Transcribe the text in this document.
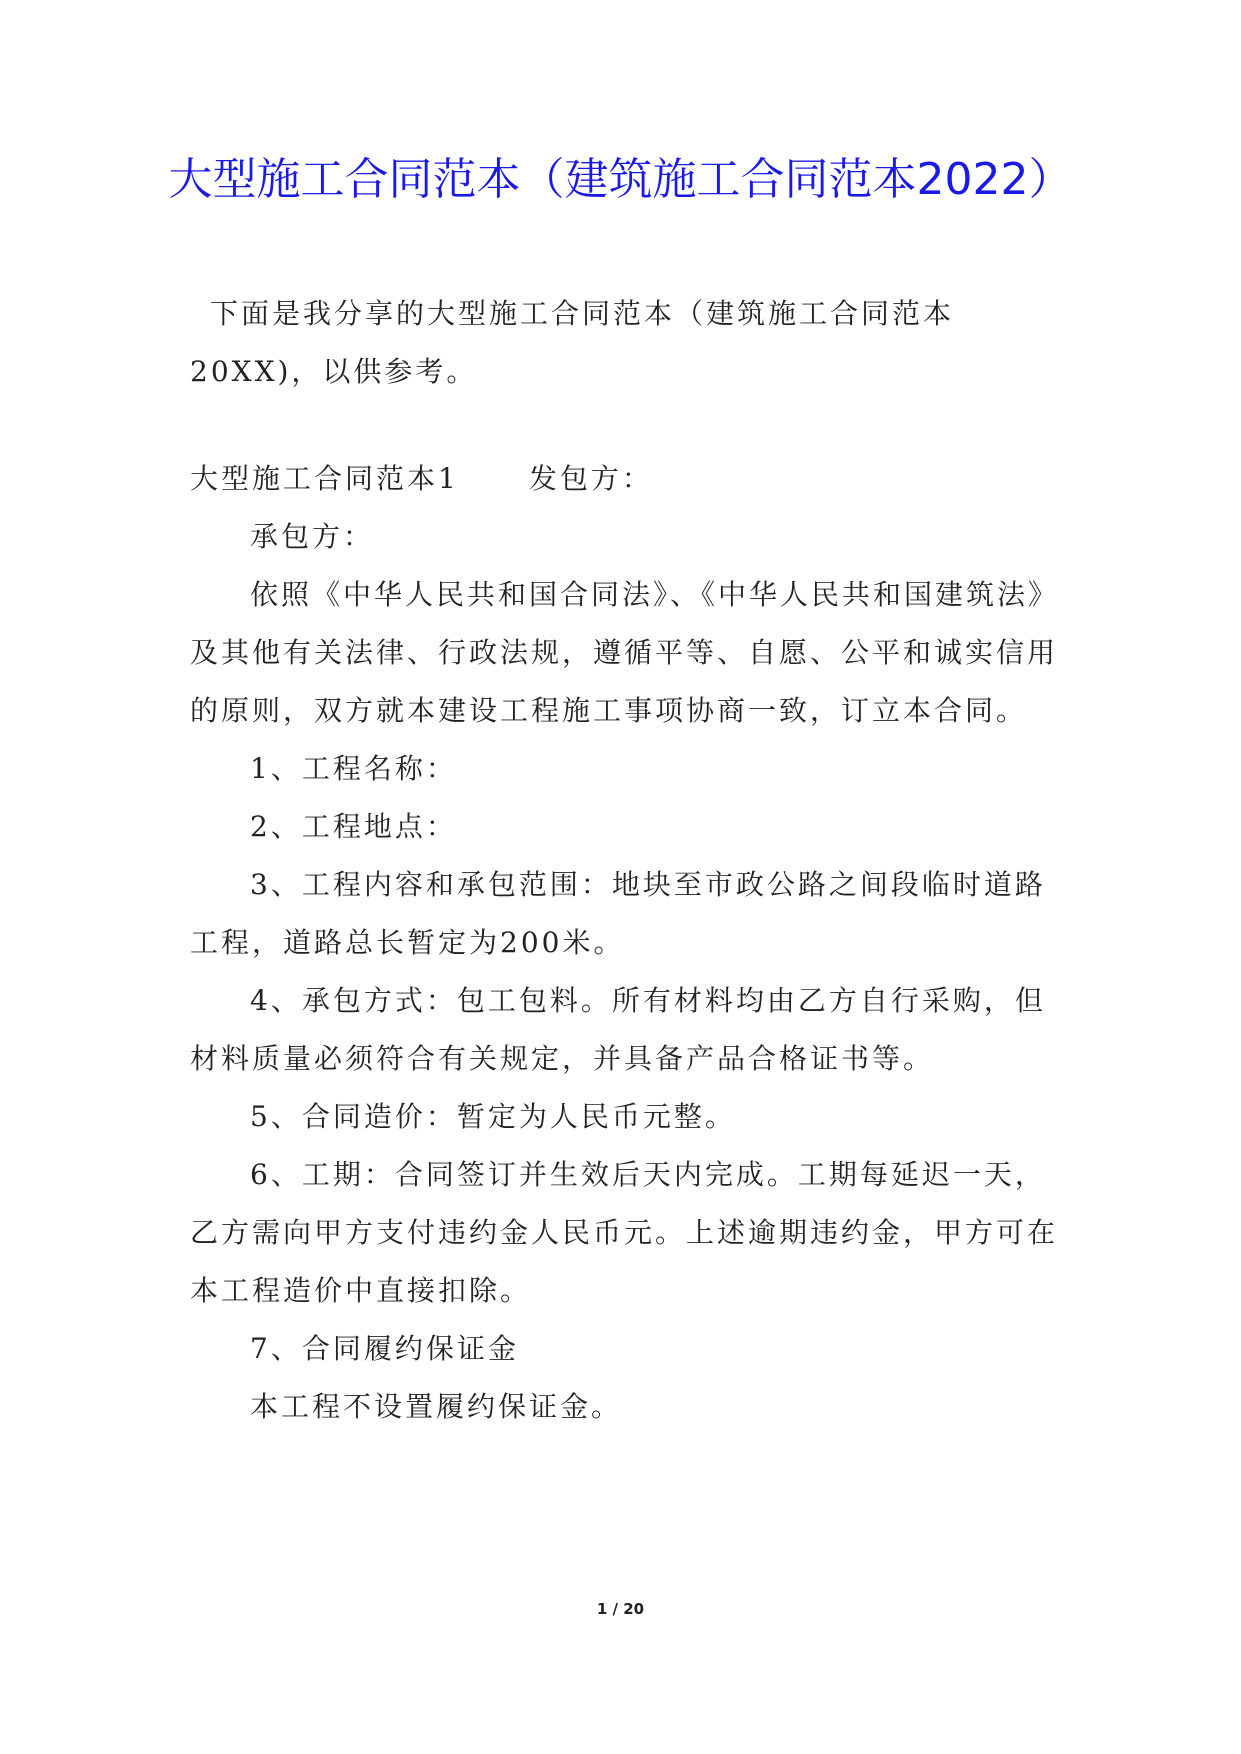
大型施工合同范本（建筑施工合同范本2022）
下面是我分享的大型施工合同范本（建筑施工合同范本
20XX)，以供参考。
大型施工合同范本1	发包方：
承包方：
依照《中华人民共和国合同法》、《中华人民共和国建筑法》
及其他有关法律、行政法规，遵循平等、自愿、公平和诚实信用
的原则，双方就本建设工程施工事项协商一致，订立本合同。
1、工程名称：
2、工程地点：
3、工程内容和承包范围：地块至市政公路之间段临时道路
工程，道路总长暂定为200米。
4、承包方式：包工包料。所有材料均由乙方自行采购，但
材料质量必须符合有关规定，并具备产品合格证书等。
5、合同造价：暂定为人民币元整。
6、工期：合同签订并生效后天内完成。工期每延迟一天，
乙方需向甲方支付违约金人民币元。上述逾期违约金，甲方可在
本工程造价中直接扣除。
7、合同履约保证金
本工程不设置履约保证金。
1 / 20
